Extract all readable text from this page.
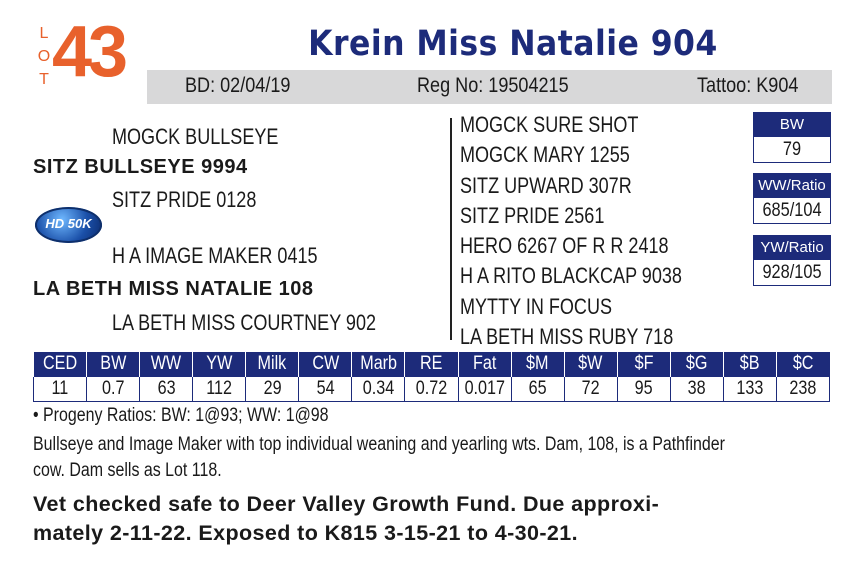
L
O
T 43	Krein Miss Natalie 904
BD: 02/04/19	Reg No: 19504215	Tattoo: K904
MOGCK BULLSEYE
SITZ BULLSEYE 9994
SITZ PRIDE 0128
HD 50K
H A IMAGE MAKER 0415
LA BETH MISS NATALIE 108
LA BETH MISS COURTNEY 902
MOGCK SURE SHOT
MOGCK MARY 1255
SITZ UPWARD 307R
SITZ PRIDE 2561
HERO 6267 OF R R 2418
H A RITO BLACKCAP 9038
MYTTY IN FOCUS
LA BETH MISS RUBY 718
BW
79
WW/Ratio
685/104
YW/Ratio
928/105
CED	BW	WW	YW	Milk	CW	Marb	RE	Fat	$M	$W	$F	$G	$B	$C
11	0.7	63	112	29	54	0.34	0.72	0.017	65	72	95	38	133	238
• Progeny Ratios: BW: 1@93; WW: 1@98
Bullseye and Image Maker with top individual weaning and yearling wts. Dam, 108, is a Pathfinder
cow. Dam sells as Lot 118.
Vet checked safe to Deer Valley Growth Fund. Due approxi-
mately 2-11-22. Exposed to K815 3-15-21 to 4-30-21.
